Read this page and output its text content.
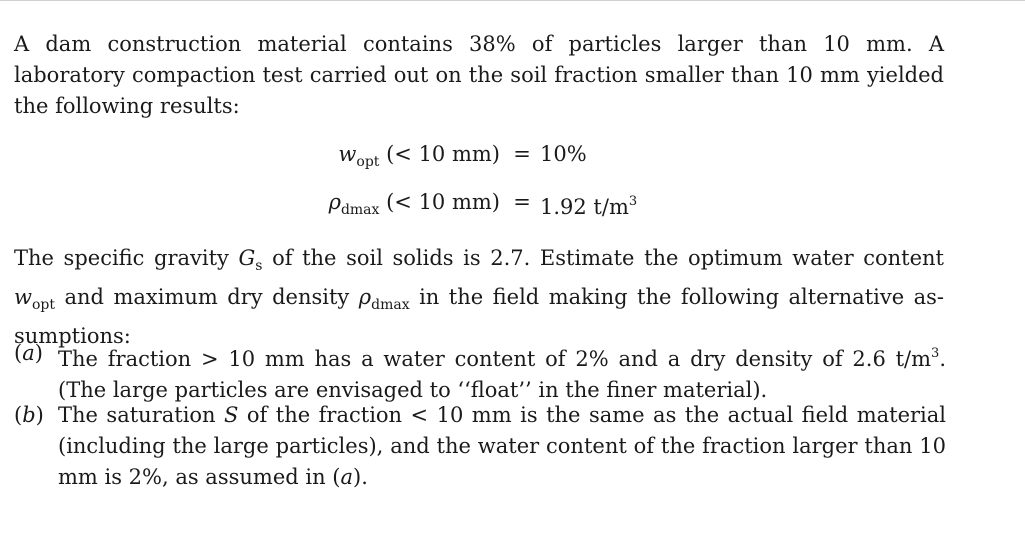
A dam construction material contains 38% of particles larger than 10 mm. A laboratory compaction test carried out on the soil fraction smaller than 10 mm yielded the following results:

$w_{opt}$ (< 10 mm) = 10%
$\rho_{dmax}$ (< 10 mm) = 1.92 $t/m^3$

The specific gravity $G_s$ of the soil solids is 2.7. Estimate the optimum water content $w_{opt}$ and maximum dry density $\rho_{dmax}$ in the field making the following alternative as- sumptions:

(a) The fraction > 10 mm has a water content of 2% and a dry density of 2.6 $t/m^3$. (The large particles are envisaged to ‘‘float’’ in the finer material).
(b) The saturation S of the fraction < 10 mm is the same as the actual field material (including the large particles), and the water content of the fraction larger than 10 mm is 2%, as assumed in (a).
